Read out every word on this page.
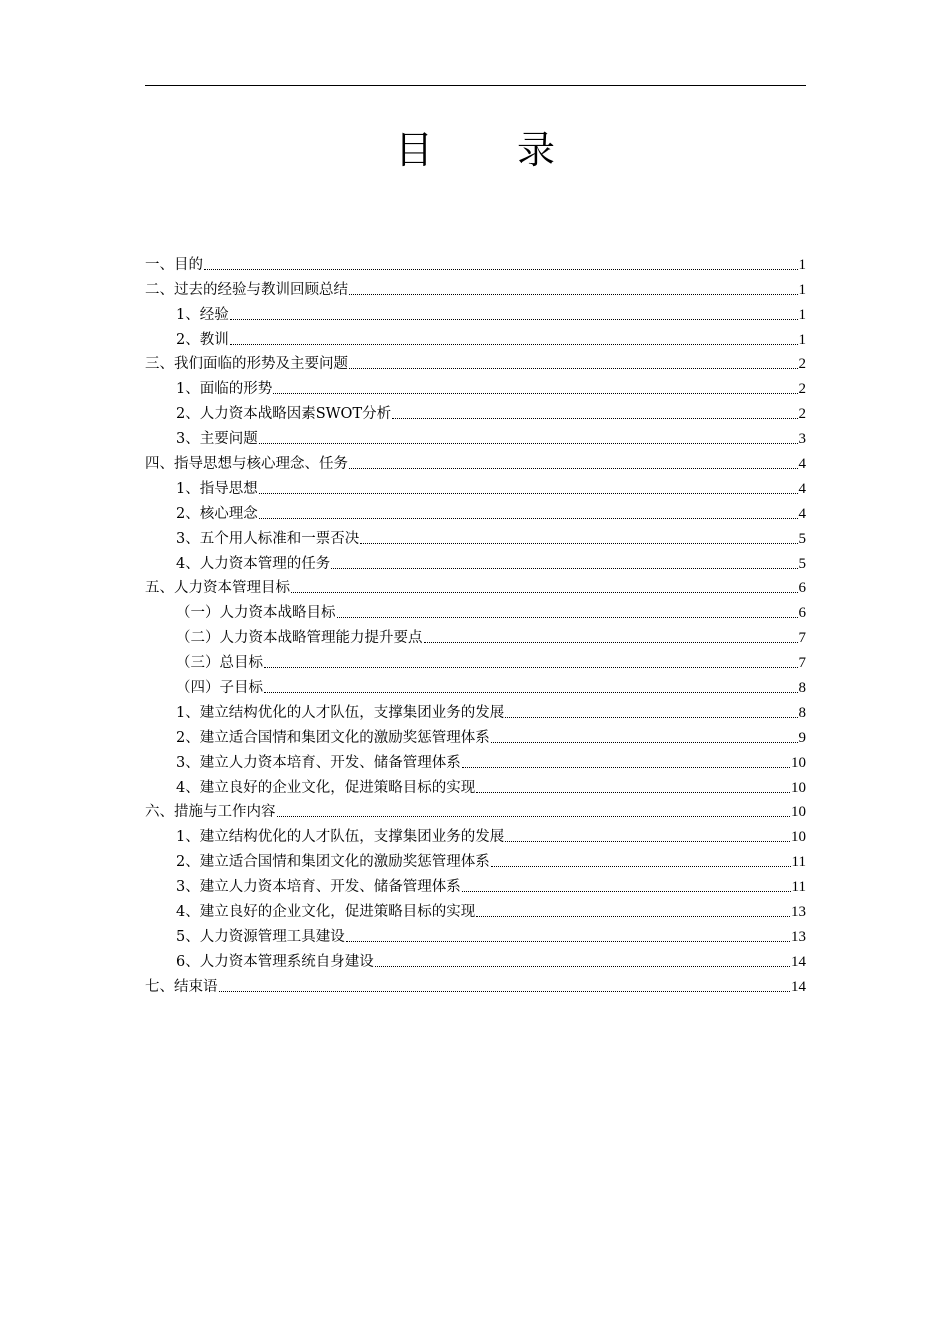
目 录
一、目的	1
二、过去的经验与教训回顾总结	1
1、经验	1
2、教训	1
三、我们面临的形势及主要问题	2
1、面临的形势	2
2、人力资本战略因素SWOT分析	2
3、主要问题	3
四、指导思想与核心理念、任务	4
1、指导思想	4
2、核心理念	4
3、五个用人标准和一票否决	5
4、人力资本管理的任务	5
五、人力资本管理目标	6
（一）人力资本战略目标	6
（二）人力资本战略管理能力提升要点	7
（三）总目标	7
（四）子目标	8
1、建立结构优化的人才队伍，支撑集团业务的发展	8
2、建立适合国情和集团文化的激励奖惩管理体系	9
3、建立人力资本培育、开发、储备管理体系	10
4、建立良好的企业文化，促进策略目标的实现	10
六、措施与工作内容	10
1、建立结构优化的人才队伍，支撑集团业务的发展	10
2、建立适合国情和集团文化的激励奖惩管理体系	11
3、建立人力资本培育、开发、储备管理体系	11
4、建立良好的企业文化，促进策略目标的实现	13
5、人力资源管理工具建设	13
6、人力资本管理系统自身建设	14
七、结束语	14
